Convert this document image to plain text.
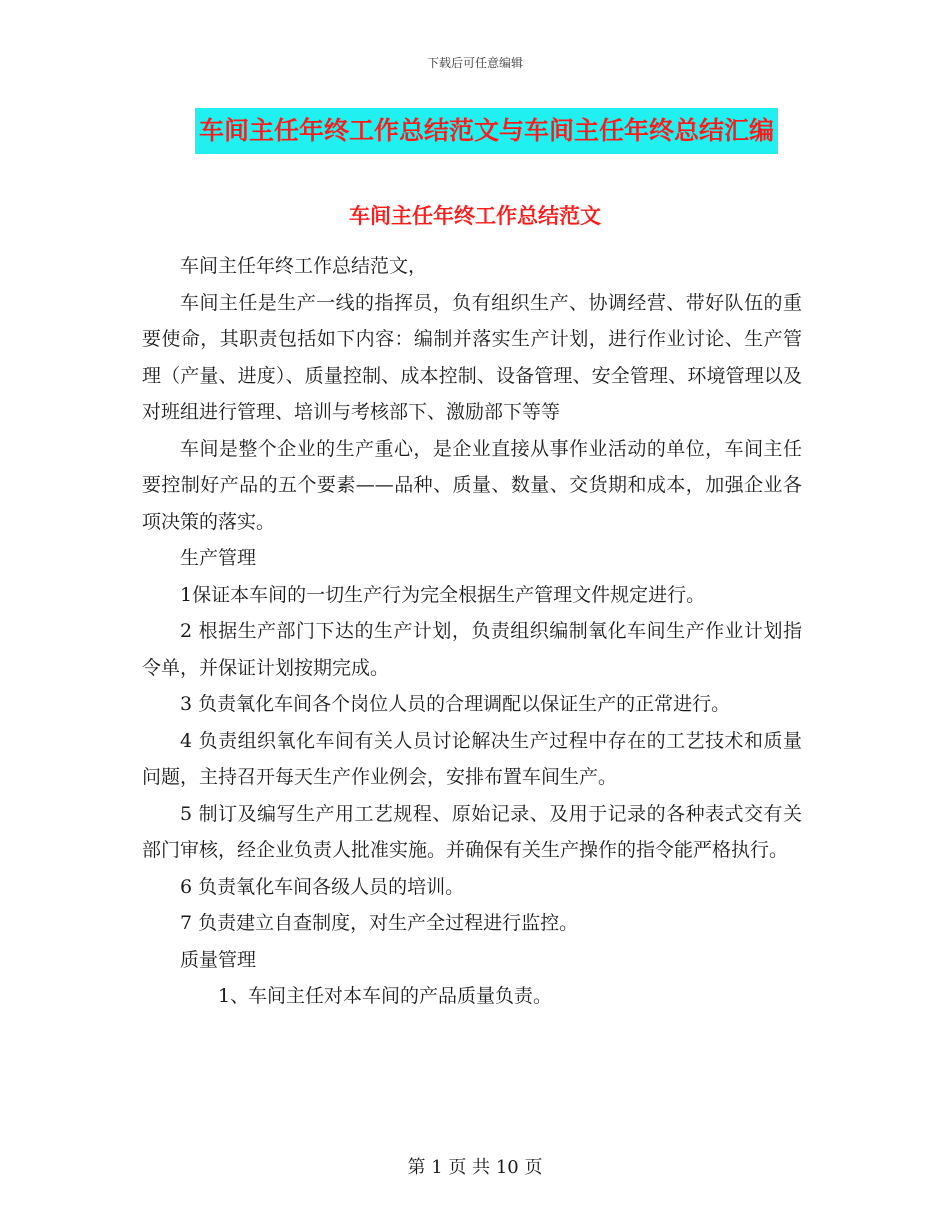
下载后可任意编辑
车间主任年终工作总结范文与车间主任年终总结汇编
车间主任年终工作总结范文

车间主任年终工作总结范文，

车间主任是生产一线的指挥员，负有组织生产、协调经营、带好队伍的重要使命，其职责包括如下内容：编制并落实生产计划，进行作业讨论、生产管理（产量、进度）、质量控制、成本控制、设备管理、安全管理、环境管理以及对班组进行管理、培训与考核部下、激励部下等等

车间是整个企业的生产重心，是企业直接从事作业活动的单位，车间主任要控制好产品的五个要素——品种、质量、数量、交货期和成本，加强企业各项决策的落实。

生产管理

1保证本车间的一切生产行为完全根据生产管理文件规定进行。

2 根据生产部门下达的生产计划，负责组织编制氧化车间生产作业计划指令单，并保证计划按期完成。

3 负责氧化车间各个岗位人员的合理调配以保证生产的正常进行。

4 负责组织氧化车间有关人员讨论解决生产过程中存在的工艺技术和质量问题，主持召开每天生产作业例会，安排布置车间生产。

5 制订及编写生产用工艺规程、原始记录、及用于记录的各种表式交有关部门审核，经企业负责人批准实施。并确保有关生产操作的指令能严格执行。

6 负责氧化车间各级人员的培训。

7 负责建立自查制度，对生产全过程进行监控。

质量管理

1、车间主任对本车间的产品质量负责。

第 1 页 共 10 页
